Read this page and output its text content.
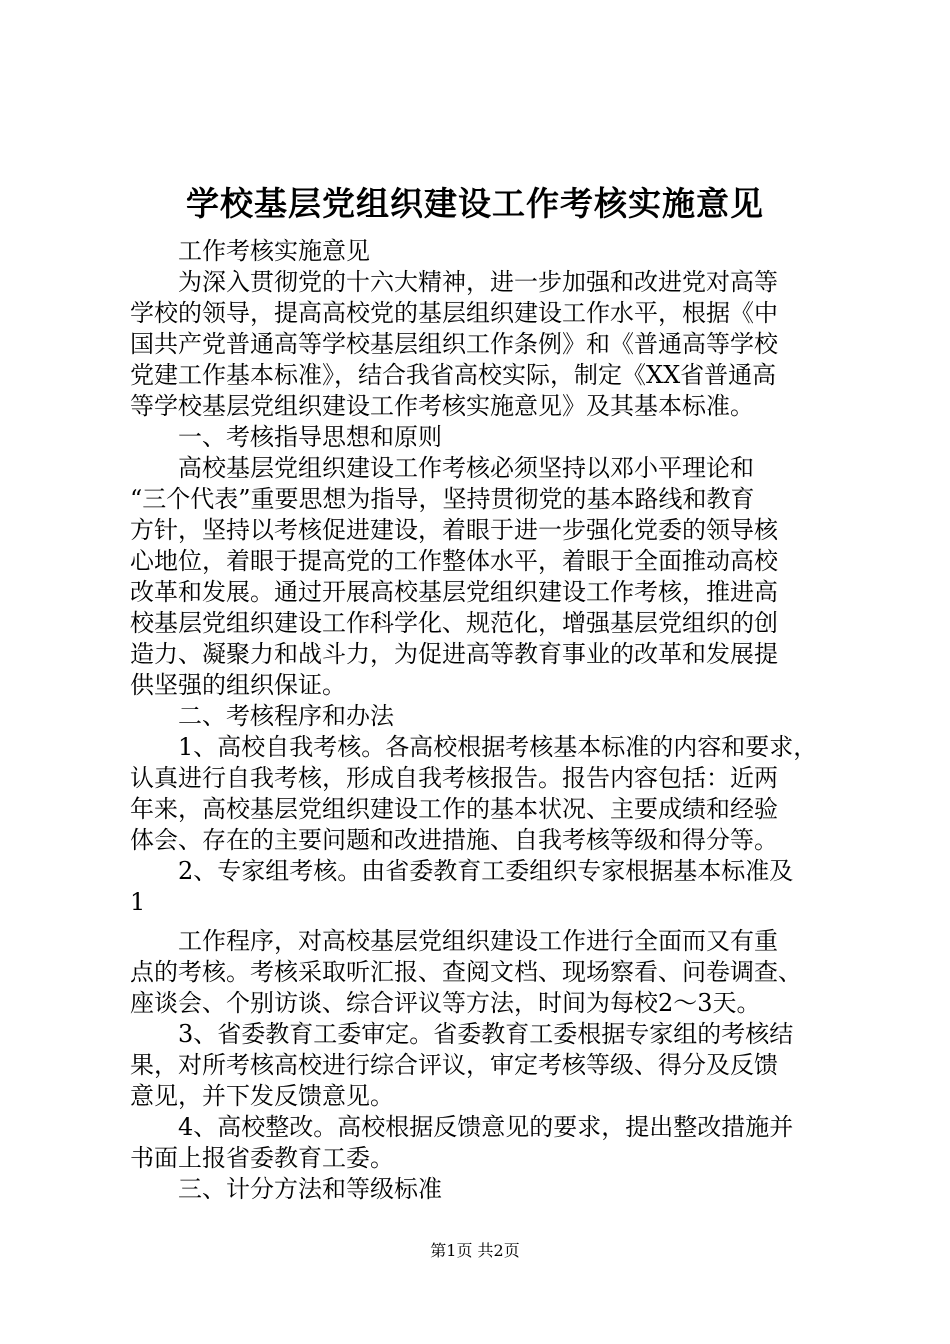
学校基层党组织建设工作考核实施意见
　　工作考核实施意见
　　为深入贯彻党的十六大精神，进一步加强和改进党对高等
学校的领导，提高高校党的基层组织建设工作水平，根据《中
国共产党普通高等学校基层组织工作条例》和《普通高等学校
党建工作基本标准》，结合我省高校实际，制定《XX省普通高
等学校基层党组织建设工作考核实施意见》及其基本标准。
　　一、考核指导思想和原则
　　高校基层党组织建设工作考核必须坚持以邓小平理论和
“三个代表”重要思想为指导，坚持贯彻党的基本路线和教育
方针，坚持以考核促进建设，着眼于进一步强化党委的领导核
心地位，着眼于提高党的工作整体水平，着眼于全面推动高校
改革和发展。通过开展高校基层党组织建设工作考核，推进高
校基层党组织建设工作科学化、规范化，增强基层党组织的创
造力、凝聚力和战斗力，为促进高等教育事业的改革和发展提
供坚强的组织保证。
　　二、考核程序和办法
　　1、高校自我考核。各高校根据考核基本标准的内容和要求，
认真进行自我考核，形成自我考核报告。报告内容包括：近两
年来，高校基层党组织建设工作的基本状况、主要成绩和经验
体会、存在的主要问题和改进措施、自我考核等级和得分等。
　　2、专家组考核。由省委教育工委组织专家根据基本标准及
1
　　工作程序，对高校基层党组织建设工作进行全面而又有重
点的考核。考核采取听汇报、查阅文档、现场察看、问卷调查、
座谈会、个别访谈、综合评议等方法，时间为每校2～3天。
　　3、省委教育工委审定。省委教育工委根据专家组的考核结
果，对所考核高校进行综合评议，审定考核等级、得分及反馈
意见，并下发反馈意见。
　　4、高校整改。高校根据反馈意见的要求，提出整改措施并
书面上报省委教育工委。
　　三、计分方法和等级标准
第1页 共2页
